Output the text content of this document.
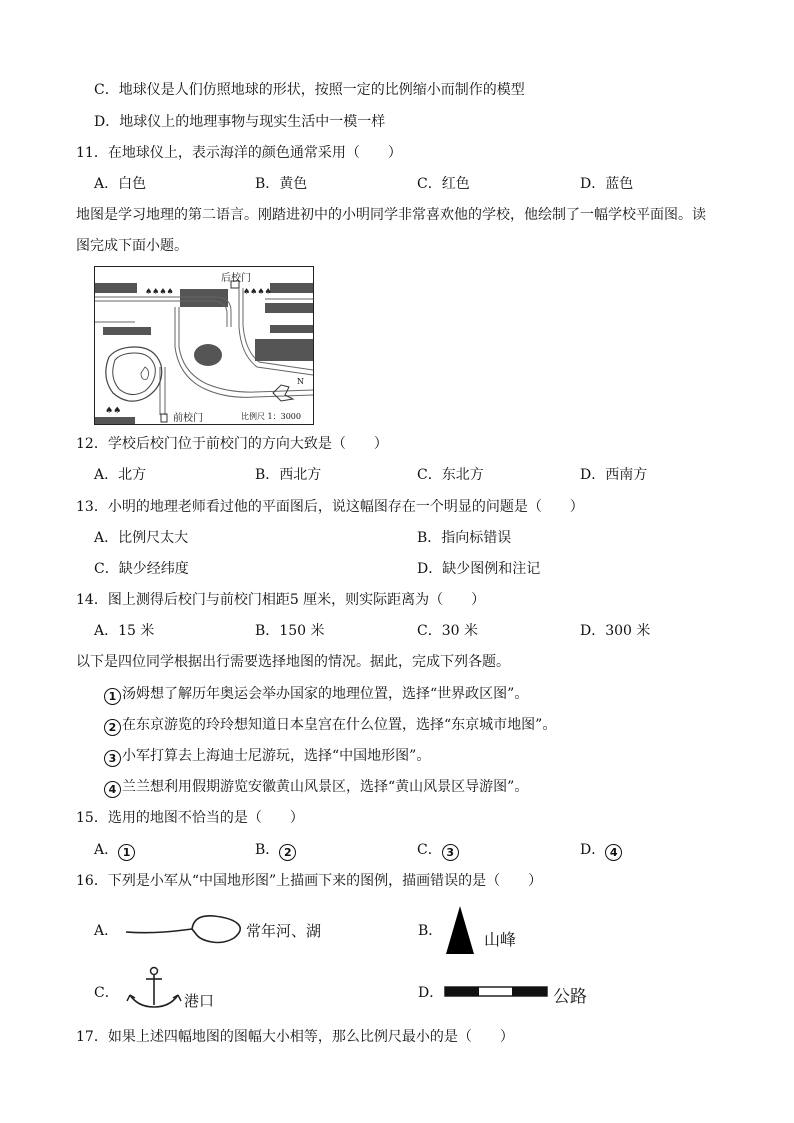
C．地球仪是人们仿照地球的形状，按照一定的比例缩小而制作的模型
D．地球仪上的地理事物与现实生活中一模一样
11．在地球仪上，表示海洋的颜色通常采用（　　）
A．白色	B．黄色	C．红色	D．蓝色
地图是学习地理的第二语言。刚踏进初中的小明同学非常喜欢他的学校，他绘制了一幅学校平面图。读
图完成下面小题。
♠♠♠♠	♠♠♠♠
♠♠
后校门
前校门	比例尺 1：3000
N
12．学校后校门位于前校门的方向大致是（　　）
A．北方	B．西北方	C．东北方	D．西南方
13．小明的地理老师看过他的平面图后，说这幅图存在一个明显的问题是（　　）
A．比例尺太大	B．指向标错误
C．缺少经纬度	D．缺少图例和注记
14．图上测得后校门与前校门相距5 厘米，则实际距离为（　　）
A．15 米	B．150 米	C．30 米	D．300 米
以下是四位同学根据出行需要选择地图的情况。据此，完成下列各题。
1 汤姆想了解历年奥运会举办国家的地理位置，选择“世界政区图”。
2 在东京游览的玲玲想知道日本皇宫在什么位置，选择“东京城市地图”。
3 小军打算去上海迪士尼游玩，选择“中国地形图”。
4 兰兰想利用假期游览安徽黄山风景区，选择“黄山风景区导游图”。
15．选用的地图不恰当的是（　　）
A． 1	B． 2	C． 3	D． 4
16．下列是小军从“中国地形图”上描画下来的图例，描画错误的是（　　）
A．	常年河、湖	B．	山峰
C．	港口	D．	公路
17．如果上述四幅地图的图幅大小相等，那么比例尺最小的是（　　）
